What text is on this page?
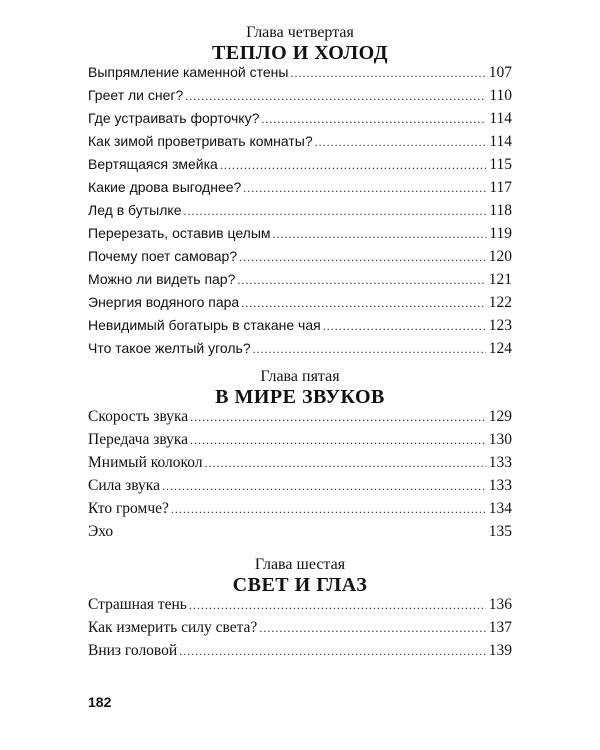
Глава четвертая
ТЕПЛО И ХОЛОД
Выпрямление каменной стены .....	107
Греет ли снег? .....	110
Где устраивать форточку? .....	114
Как зимой проветривать комнаты? .....	114
Вертящаяся змейка .....	115
Какие дрова выгоднее? .....	117
Лед в бутылке .....	118
Перерезать, оставив целым .....	119
Почему поет самовар? .....	120
Можно ли видеть пар? .....	121
Энергия водяного пара .....	122
Невидимый богатырь в стакане чая .....	123
Что такое желтый уголь? .....	124
Глава пятая
В МИРЕ ЗВУКОВ
Скорость звука .....	129
Передача звука .....	130
Мнимый колокол .....	133
Сила звука .....	133
Кто громче? .....	134
Эхо	135
Глава шестая
СВЕТ И ГЛАЗ
Страшная тень .....	136
Как измерить силу света? .....	137
Вниз головой .....	139
182
